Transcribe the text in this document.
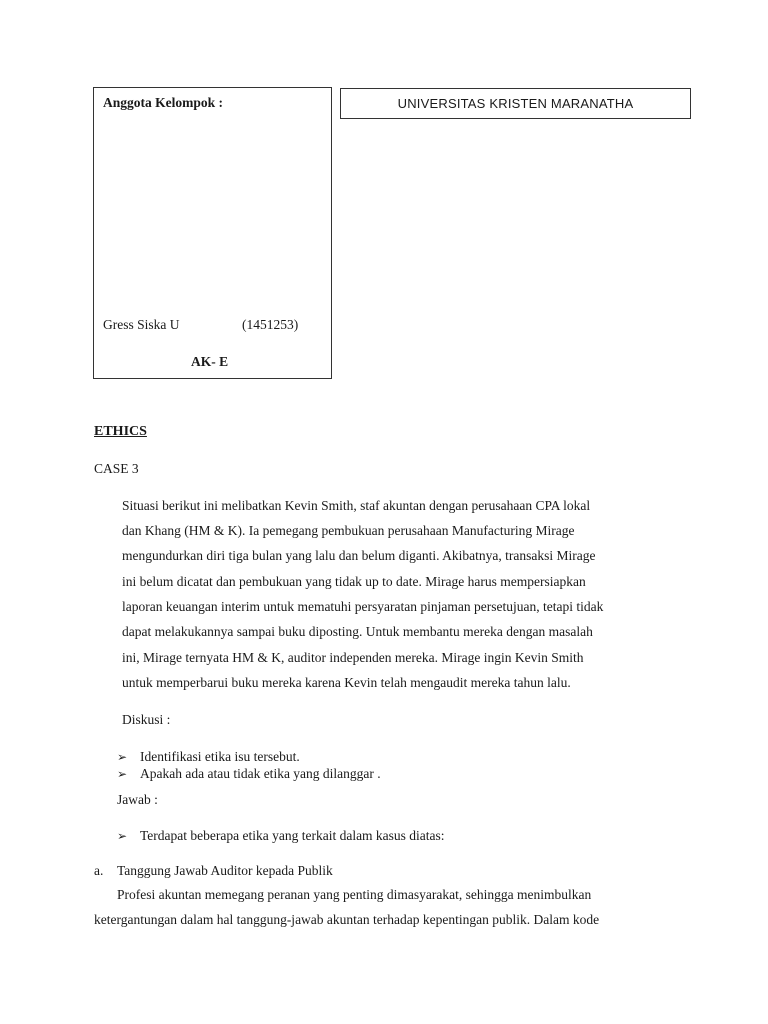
Anggota Kelompok :
Gress Siska U	(1451253)
AK- E
UNIVERSITAS KRISTEN MARANATHA
ETHICS
CASE 3
Situasi berikut ini melibatkan Kevin Smith, staf akuntan dengan perusahaan CPA lokal
dan Khang (HM & K). Ia pemegang pembukuan perusahaan Manufacturing Mirage
mengundurkan diri tiga bulan yang lalu dan belum diganti. Akibatnya, transaksi Mirage
ini belum dicatat dan pembukuan yang tidak up to date. Mirage harus mempersiapkan
laporan keuangan interim untuk mematuhi persyaratan pinjaman persetujuan, tetapi tidak
dapat melakukannya sampai buku diposting. Untuk membantu mereka dengan masalah
ini, Mirage ternyata HM & K, auditor independen mereka. Mirage ingin Kevin Smith
untuk memperbarui buku mereka karena Kevin telah mengaudit mereka tahun lalu.
Diskusi :
➢ Identifikasi etika isu tersebut.
➢ Apakah ada atau tidak etika yang dilanggar .
Jawab :
➢ Terdapat beberapa etika yang terkait dalam kasus diatas:
a. Tanggung Jawab Auditor kepada Publik
Profesi akuntan memegang peranan yang penting dimasyarakat, sehingga menimbulkan
ketergantungan dalam hal tanggung-jawab akuntan terhadap kepentingan publik. Dalam kode
